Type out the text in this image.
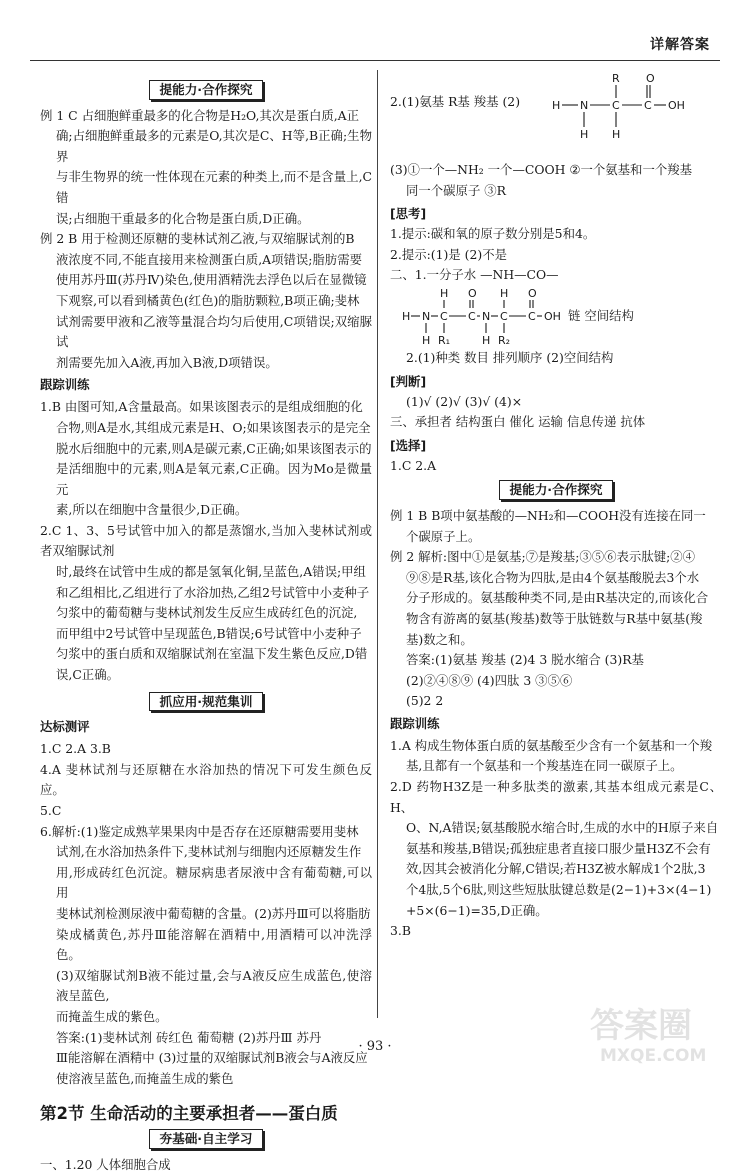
详解答案
提能力·合作探究

例 1 C 占细胞鲜重最多的化合物是H₂O,其次是蛋白质,A正

确;占细胞鲜重最多的元素是O,其次是C、H等,B正确;生物界

与非生物界的统一性体现在元素的种类上,而不是含量上,C错

误;占细胞干重最多的化合物是蛋白质,D正确。

例 2 B 用于检测还原糖的斐林试剂乙液,与双缩脲试剂的B

液浓度不同,不能直接用来检测蛋白质,A项错误;脂肪需要

使用苏丹Ⅲ(苏丹Ⅳ)染色,使用酒精洗去浮色以后在显微镜

下观察,可以看到橘黄色(红色)的脂肪颗粒,B项正确;斐林

试剂需要甲液和乙液等量混合均匀后使用,C项错误;双缩脲试

剂需要先加入A液,再加入B液,D项错误。

跟踪训练

1.B 由图可知,A含量最高。如果该图表示的是组成细胞的化

合物,则A是水,其组成元素是H、O;如果该图表示的是完全

脱水后细胞中的元素,则A是碳元素,C正确;如果该图表示的

是活细胞中的元素,则A是氧元素,C正确。因为Mo是微量元

素,所以在细胞中含量很少,D正确。

2.C 1、3、5号试管中加入的都是蒸馏水,当加入斐林试剂或者双缩脲试剂

时,最终在试管中生成的都是氢氧化铜,呈蓝色,A错误;甲组

和乙组相比,乙组进行了水浴加热,乙组2号试管中小麦种子

匀浆中的葡萄糖与斐林试剂发生反应生成砖红色的沉淀,

而甲组中2号试管中呈现蓝色,B错误;6号试管中小麦种子

匀浆中的蛋白质和双缩脲试剂在室温下发生紫色反应,D错

误,C正确。

抓应用·规范集训
达标测评

1.C 2.A 3.B

4.A 斐林试剂与还原糖在水浴加热的情况下可发生颜色反应。

5.C

6.解析:(1)鉴定成熟苹果果肉中是否存在还原糖需要用斐林

试剂,在水浴加热条件下,斐林试剂与细胞内还原糖发生作

用,形成砖红色沉淀。糖尿病患者尿液中含有葡萄糖,可以用

斐林试剂检测尿液中葡萄糖的含量。(2)苏丹Ⅲ可以将脂肪

染成橘黄色,苏丹Ⅲ能溶解在酒精中,用酒精可以冲洗浮色。

(3)双缩脲试剂B液不能过量,会与A液反应生成蓝色,使溶液呈蓝色,

而掩盖生成的紫色。

答案:(1)斐林试剂 砖红色 葡萄糖 (2)苏丹Ⅲ 苏丹

Ⅲ能溶解在酒精中 (3)过量的双缩脲试剂B液会与A液反应

使溶液呈蓝色,而掩盖生成的紫色

第2节 生命活动的主要承担者——蛋白质
夯基础·自主学习

一、1.20 人体细胞合成

2.(1)氨基 R基 羧基 (2)

R O
H N C C OH
H H

(3)①一个—NH₂ 一个—COOH ②一个氨基和一个羧基

同一个碳原子 ③R

[思考]

1.提示:碳和氧的原子数分别是5和4。

2.提示:(1)是 (2)不是

二、1.一分子水 —NH—CO—

H O H O
H N C C N C C OH
H R₁	H R₂
链 空间结构

2.(1)种类 数目 排列顺序 (2)空间结构

[判断]

(1)√ (2)√ (3)√ (4)×

三、承担者 结构蛋白 催化 运输 信息传递 抗体

[选择]

1.C 2.A

提能力·合作探究

例 1 B B项中氨基酸的—NH₂和—COOH没有连接在同一

个碳原子上。

例 2 解析:图中①是氨基;⑦是羧基;③⑤⑥表示肽键;②④

⑨⑧是R基,该化合物为四肽,是由4个氨基酸脱去3个水

分子形成的。氨基酸种类不同,是由R基决定的,而该化合

物含有游离的氨基(羧基)数等于肽链数与R基中氨基(羧

基)数之和。

答案:(1)氨基 羧基 (2)4 3 脱水缩合 (3)R基

(2)②④⑧⑨ (4)四肽 3 ③⑤⑥

(5)2 2

跟踪训练

1.A 构成生物体蛋白质的氨基酸至少含有一个氨基和一个羧

基,且都有一个氨基和一个羧基连在同一碳原子上。

2.D 药物H3Z是一种多肽类的激素,其基本组成元素是C、H、

O、N,A错误;氨基酸脱水缩合时,生成的水中的H原子来自

氨基和羧基,B错误;孤独症患者直接口服少量H3Z不会有

效,因其会被消化分解,C错误;若H3Z被水解成1个2肽,3

个4肽,5个6肽,则这些短肽肽键总数是(2−1)+3×(4−1)

+5×(6−1)=35,D正确。

3.B

· 93 ·
答案圈
MXQE.COM
